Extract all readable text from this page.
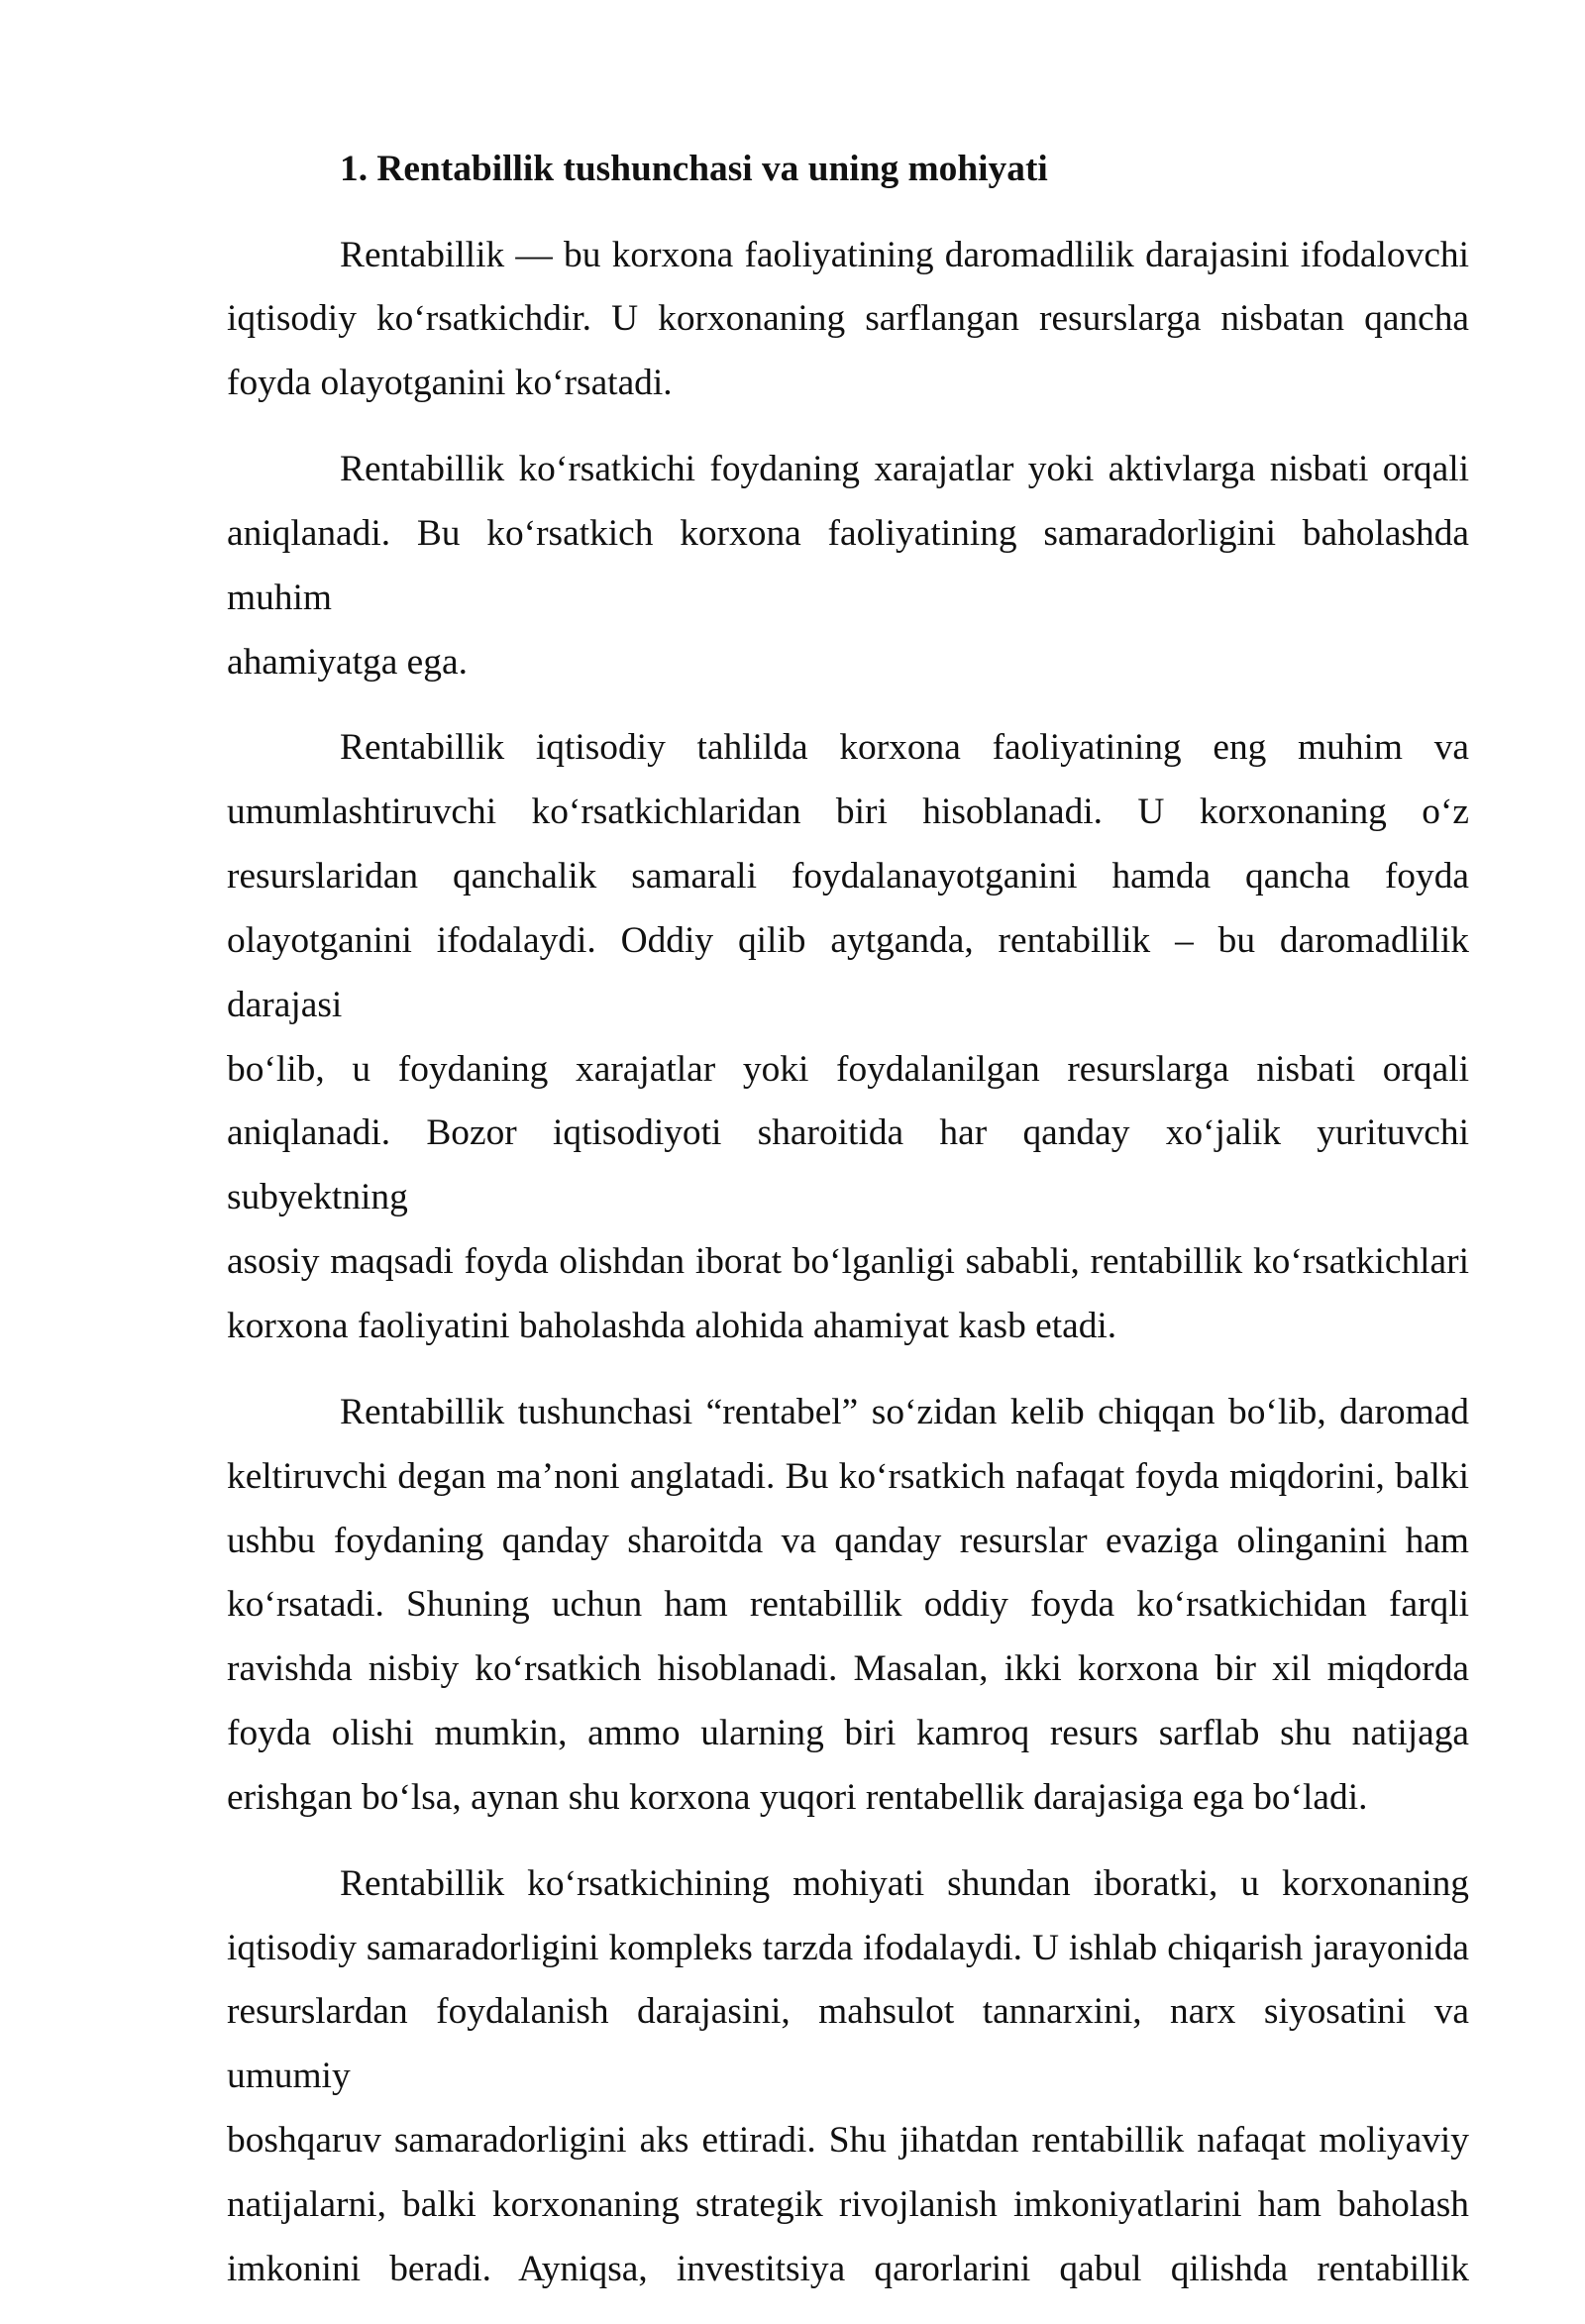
1. Rentabillik tushunchasi va uning mohiyati
Rentabillik — bu korxona faoliyatining daromadlilik darajasini ifodalovchi
iqtisodiy ko‘rsatkichdir. U korxonaning sarflangan resurslarga nisbatan qancha
foyda olayotganini ko‘rsatadi.
Rentabillik ko‘rsatkichi foydaning xarajatlar yoki aktivlarga nisbati orqali
aniqlanadi. Bu ko‘rsatkich korxona faoliyatining samaradorligini baholashda muhim
ahamiyatga ega.
Rentabillik iqtisodiy tahlilda korxona faoliyatining eng muhim va
umumlashtiruvchi ko‘rsatkichlaridan biri hisoblanadi. U korxonaning o‘z
resurslaridan qanchalik samarali foydalanayotganini hamda qancha foyda
olayotganini ifodalaydi. Oddiy qilib aytganda, rentabillik – bu daromadlilik darajasi
bo‘lib, u foydaning xarajatlar yoki foydalanilgan resurslarga nisbati orqali
aniqlanadi. Bozor iqtisodiyoti sharoitida har qanday xo‘jalik yurituvchi subyektning
asosiy maqsadi foyda olishdan iborat bo‘lganligi sababli, rentabillik ko‘rsatkichlari
korxona faoliyatini baholashda alohida ahamiyat kasb etadi.
Rentabillik tushunchasi “rentabel” so‘zidan kelib chiqqan bo‘lib, daromad
keltiruvchi degan ma’noni anglatadi. Bu ko‘rsatkich nafaqat foyda miqdorini, balki
ushbu foydaning qanday sharoitda va qanday resurslar evaziga olinganini ham
ko‘rsatadi. Shuning uchun ham rentabillik oddiy foyda ko‘rsatkichidan farqli
ravishda nisbiy ko‘rsatkich hisoblanadi. Masalan, ikki korxona bir xil miqdorda
foyda olishi mumkin, ammo ularning biri kamroq resurs sarflab shu natijaga
erishgan bo‘lsa, aynan shu korxona yuqori rentabellik darajasiga ega bo‘ladi.
Rentabillik ko‘rsatkichining mohiyati shundan iboratki, u korxonaning
iqtisodiy samaradorligini kompleks tarzda ifodalaydi. U ishlab chiqarish jarayonida
resurslardan foydalanish darajasini, mahsulot tannarxini, narx siyosatini va umumiy
boshqaruv samaradorligini aks ettiradi. Shu jihatdan rentabillik nafaqat moliyaviy
natijalarni, balki korxonaning strategik rivojlanish imkoniyatlarini ham baholash
imkonini beradi. Ayniqsa, investitsiya qarorlarini qabul qilishda rentabillik
